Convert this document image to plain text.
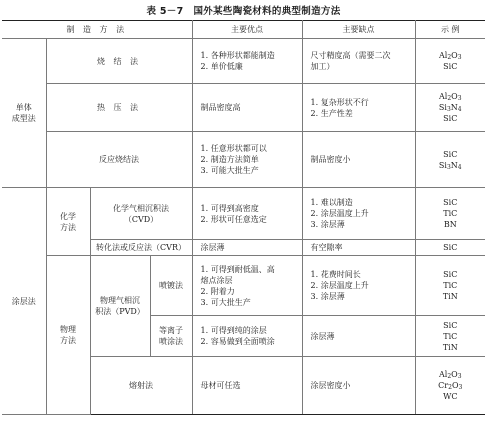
表 5－7 国外某些陶瓷材料的典型制造方法
制 造 方 法				主要优点	主要缺点	示 例

单体
成型法	烧 结 法			1. 各种形状都能制造
2. 单价低廉	尺寸精度高（需要二次
加工）	$Al_2O_3$
SiC

	热 压 法			制品密度高	1. 复杂形状不行
2. 生产性差	$Al_2O_3$
$Si_3N_4$
SiC

	反应烧结法			1. 任意形状都可以
2. 制造方法简单
3. 可能大批生产	制品密度小	SiC
$Si_3N_4$

涂层法	化学
方法	化学气相沉积法
（CVD）		1. 可得到高密度
2. 形状可任意选定	1. 难以制造
2. 涂层温度上升
3. 涂层薄	SiC
TiC
BN

		转化法或反应法（CVR）		涂层薄	有空隙率	SiC

	物理
方法	物理气相沉
积法（PVD）	喷镀法	1. 可得到耐低温、高
熔点涂层
2. 附着力
3. 可大批生产	1. 花费时间长
2. 涂层温度上升
3. 涂层薄	SiC
TiC
TiN

			等离子
喷涂法	1. 可得到纯的涂层
2. 容易做到全面喷涂	涂层薄	SiC
TiC
TiN

		熔射法		母材可任选	涂层密度小	$Al_2O_3$
$Cr_2O_3$
WC
